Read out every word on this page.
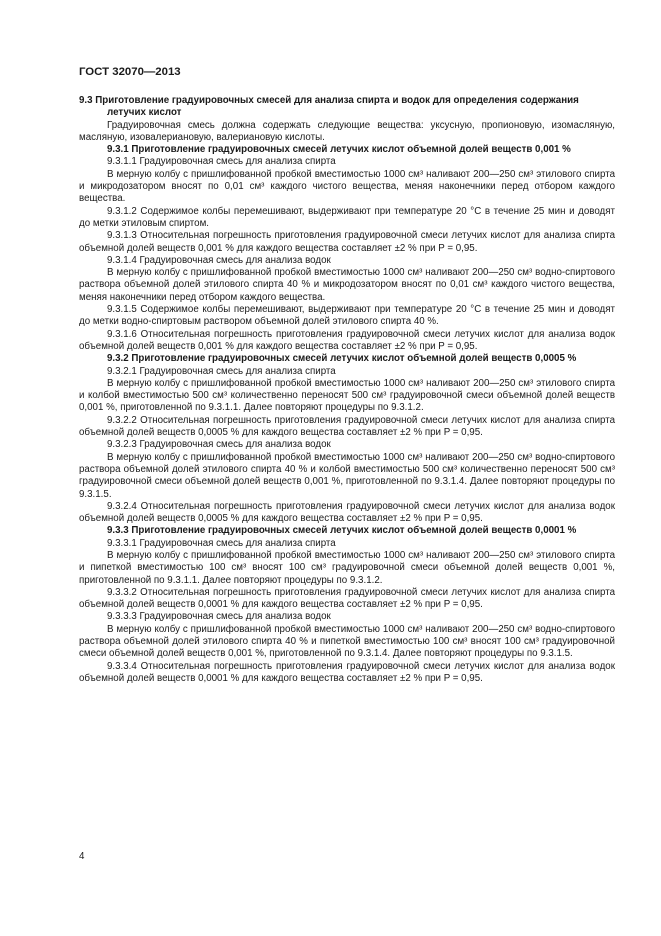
ГОСТ 32070—2013

9.3 Приготовление градуировочных смесей для анализа спирта и водок для определения содержания летучих кислот

Градуировочная смесь должна содержать следующие вещества: уксусную, пропионовую, изомасляную, масляную, изовалериановую, валериановую кислоты.

9.3.1 Приготовление градуировочных смесей летучих кислот объемной долей веществ 0,001 %

9.3.1.1 Градуировочная смесь для анализа спирта

В мерную колбу с пришлифованной пробкой вместимостью 1000 см³ наливают 200—250 см³ этилового спирта и микродозатором вносят по 0,01 см³ каждого чистого вещества, меняя наконечники перед отбором каждого вещества.

9.3.1.2 Содержимое колбы перемешивают, выдерживают при температуре 20 °C в течение 25 мин и доводят до метки этиловым спиртом.

9.3.1.3 Относительная погрешность приготовления градуировочной смеси летучих кислот для анализа спирта объемной долей веществ 0,001 % для каждого вещества составляет ±2 % при P = 0,95.

9.3.1.4 Градуировочная смесь для анализа водок

В мерную колбу с пришлифованной пробкой вместимостью 1000 см³ наливают 200—250 см³ водно-спиртового раствора объемной долей этилового спирта 40 % и микродозатором вносят по 0,01 см³ каждого чистого вещества, меняя наконечники перед отбором каждого вещества.

9.3.1.5 Содержимое колбы перемешивают, выдерживают при температуре 20 °C в течение 25 мин и доводят до метки водно-спиртовым раствором объемной долей этилового спирта 40 %.

9.3.1.6 Относительная погрешность приготовления градуировочной смеси летучих кислот для анализа водок объемной долей веществ 0,001 % для каждого вещества составляет ±2 % при P = 0,95.

9.3.2 Приготовление градуировочных смесей летучих кислот объемной долей веществ 0,0005 %

9.3.2.1 Градуировочная смесь для анализа спирта

В мерную колбу с пришлифованной пробкой вместимостью 1000 см³ наливают 200—250 см³ этилового спирта и колбой вместимостью 500 см³ количественно переносят 500 см³ градуировочной смеси объемной долей веществ 0,001 %, приготовленной по 9.3.1.1. Далее повторяют процедуры по 9.3.1.2.

9.3.2.2 Относительная погрешность приготовления градуировочной смеси летучих кислот для анализа спирта объемной долей веществ 0,0005 % для каждого вещества составляет ±2 % при P = 0,95.

9.3.2.3 Градуировочная смесь для анализа водок

В мерную колбу с пришлифованной пробкой вместимостью 1000 см³ наливают 200—250 см³ водно-спиртового раствора объемной долей этилового спирта 40 % и колбой вместимостью 500 см³ количественно переносят 500 см³ градуировочной смеси объемной долей веществ 0,001 %, приготовленной по 9.3.1.4. Далее повторяют процедуры по 9.3.1.5.

9.3.2.4 Относительная погрешность приготовления градуировочной смеси летучих кислот для анализа водок объемной долей веществ 0,0005 % для каждого вещества составляет ±2 % при P = 0,95.

9.3.3 Приготовление градуировочных смесей летучих кислот объемной долей веществ 0,0001 %

9.3.3.1 Градуировочная смесь для анализа спирта

В мерную колбу с пришлифованной пробкой вместимостью 1000 см³ наливают 200—250 см³ этилового спирта и пипеткой вместимостью 100 см³ вносят 100 см³ градуировочной смеси объемной долей веществ 0,001 %, приготовленной по 9.3.1.1. Далее повторяют процедуры по 9.3.1.2.

9.3.3.2 Относительная погрешность приготовления градуировочной смеси летучих кислот для анализа спирта объемной долей веществ 0,0001 % для каждого вещества составляет ±2 % при P = 0,95.

9.3.3.3 Градуировочная смесь для анализа водок

В мерную колбу с пришлифованной пробкой вместимостью 1000 см³ наливают 200—250 см³ водно-спиртового раствора объемной долей этилового спирта 40 % и пипеткой вместимостью 100 см³ вносят 100 см³ градуировочной смеси объемной долей веществ 0,001 %, приготовленной по 9.3.1.4. Далее повторяют процедуры по 9.3.1.5.

9.3.3.4 Относительная погрешность приготовления градуировочной смеси летучих кислот для анализа водок объемной долей веществ 0,0001 % для каждого вещества составляет ±2 % при P = 0,95.

4
